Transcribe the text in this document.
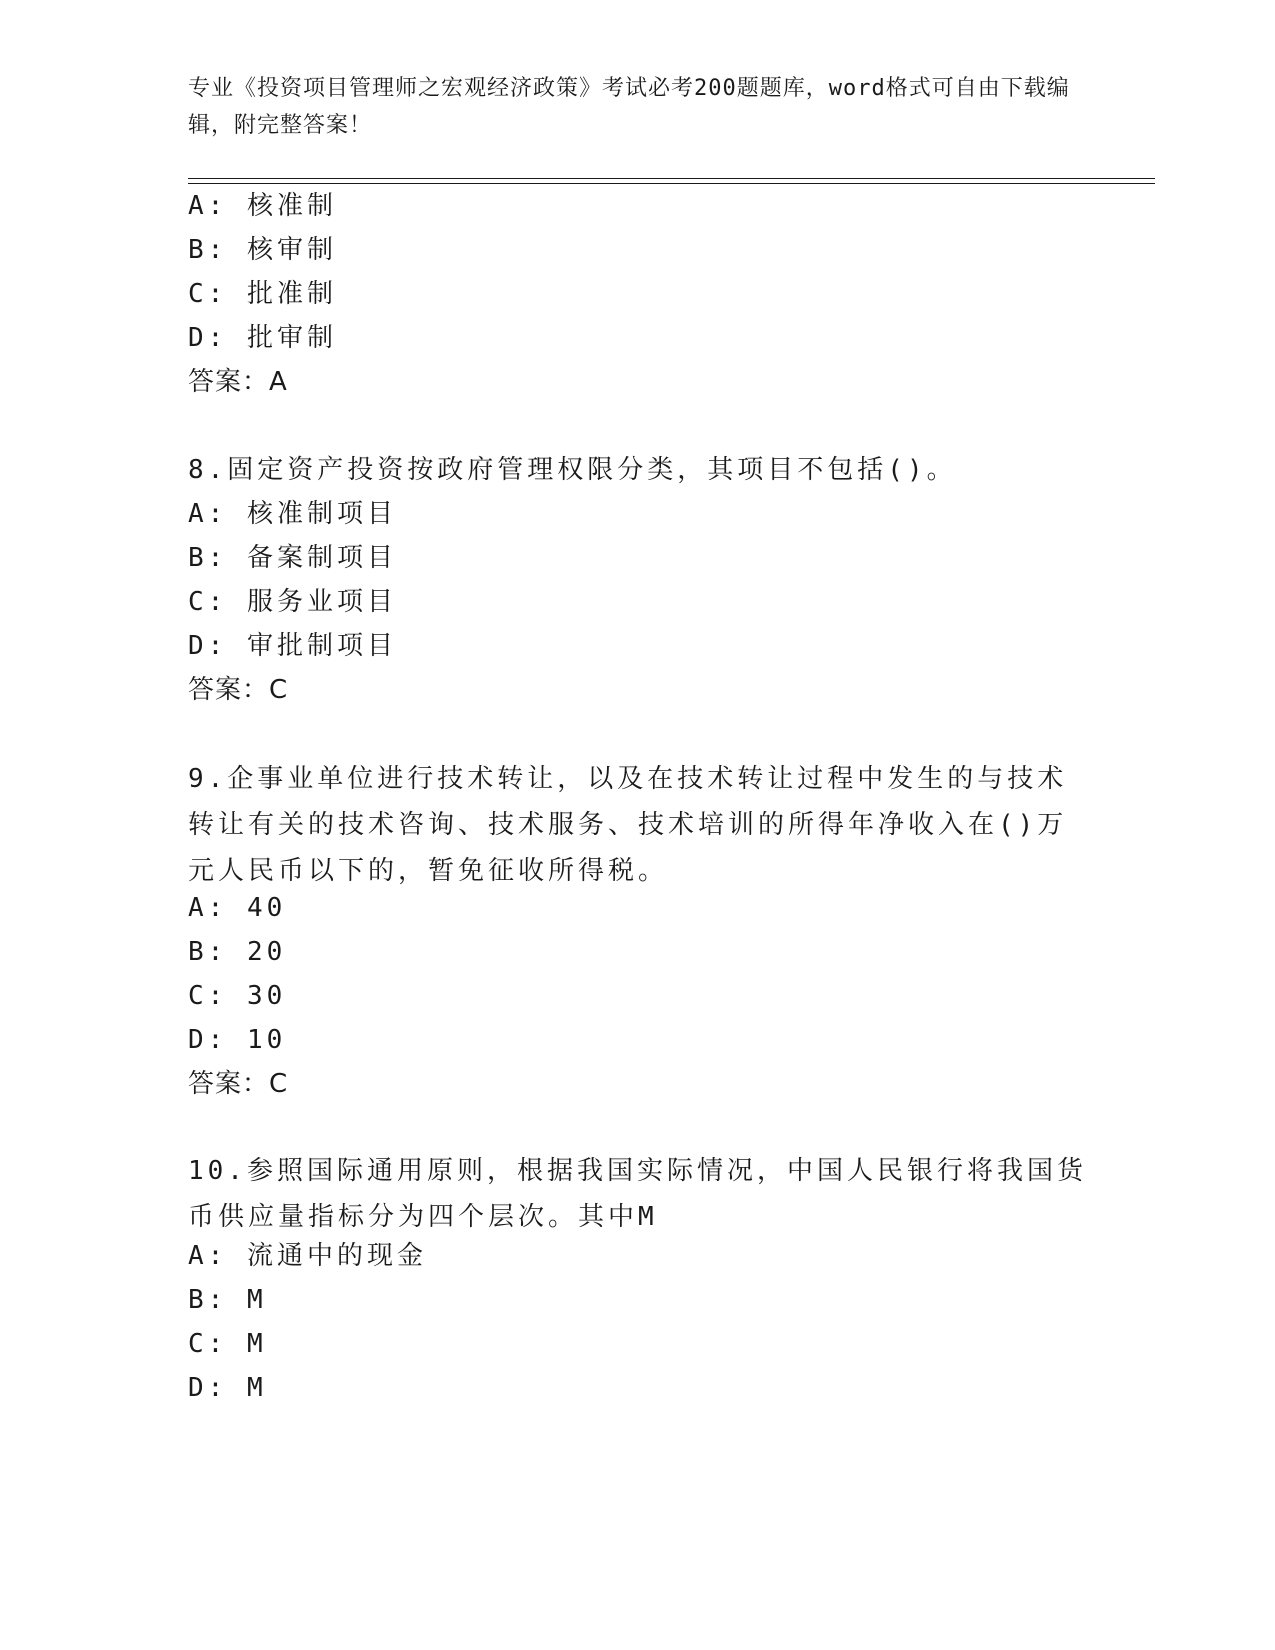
专业《投资项目管理师之宏观经济政策》考试必考200题题库，word格式可自由下载编辑，附完整答案！
A: 核准制
B: 核审制
C: 批准制
D: 批审制
答案：A
8.固定资产投资按政府管理权限分类，其项目不包括()。
A: 核准制项目
B: 备案制项目
C: 服务业项目
D: 审批制项目
答案：C
9.企事业单位进行技术转让，以及在技术转让过程中发生的与技术转让有关的技术咨询、技术服务、技术培训的所得年净收入在()万元人民币以下的，暂免征收所得税。
A: 40
B: 20
C: 30
D: 10
答案：C
10.参照国际通用原则，根据我国实际情况，中国人民银行将我国货币供应量指标分为四个层次。其中M
A: 流通中的现金
B: M
C: M
D: M
